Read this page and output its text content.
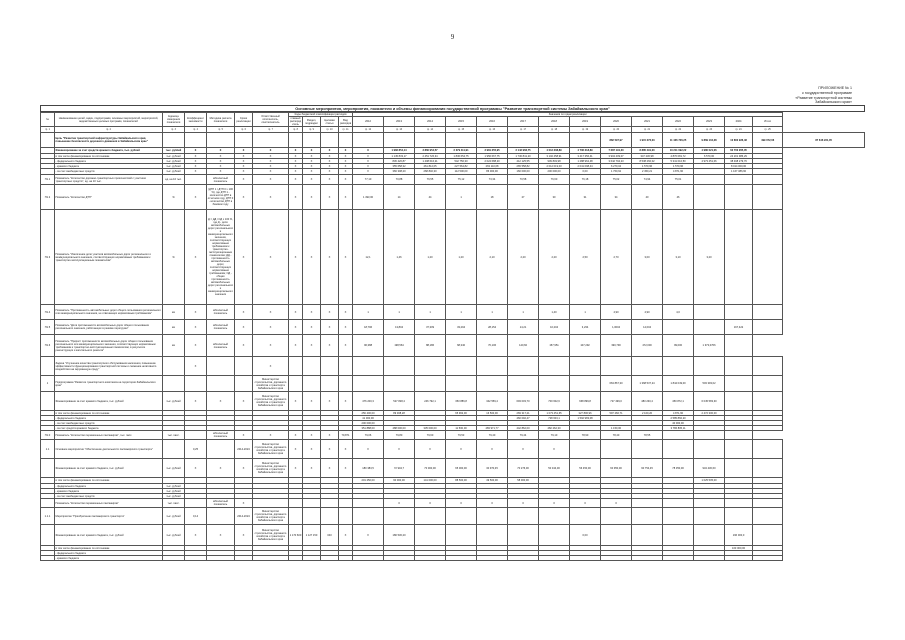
9
ПРИЛОЖЕНИЕ № 1
к государственной программе
«Развитие транспортной системы
Забайкальского края»
Основные мероприятия, мероприятия, показатели и объемы финансирования государственной программы "Развитие транспортной системы Забайкальского края"
№	Наименование целей, задач, подпрограмм, основных мероприятий, мероприятий, ведомственных целевых программ, показателей	Единица измерения показателя	Коэффициент значимости	Методика расчета показателя	Сроки реализации	Ответственный исполнитель, соисполнитель	Коды бюджетной классификации расходов				Значения по годам реализации														
							главный распорядитель	Раздел, подраздел	Целевая статья	Вид расходов	2012	2013	2014	2015	2016	2017	2018	2019	2020	2021	2022	2023	2024	Итого	
гр. 1	гр. 2	гр. 3	гр. 4	гр. 5	гр. 6	гр. 7	гр. 8	гр. 9	гр. 10	гр. 11	гр. 12	гр. 13	гр. 14	гр. 15	гр. 16	гр. 17	гр. 18	гр. 19	гр. 20	гр. 21	гр. 22	гр. 23	гр. 24	гр. 25	
	Цель "Развитие транспортной инфраструктуры Забайкальского края, повышение безопасности дорожного движения в Забайкальском крае"																		882 597,97	1 915 376,03	11 436 726,25	9 869 104,28	10 800 926,48	499 072,06	87 646 231,05
	Финансирование за счет средств краевого бюджета, тыс. рублей	тыс. рублей	Х	Х	Х	Х	Х	Х	Х	Х	Х	1 982 854,14	3 860 954,57	2 379 411,91	3 981 355,95	2 142 966,75	4 012 308,89	4 706 318,89	7 687 191,30	8 885 491,00	10 211 092,22	4 980 021,06	62 700 265,05		
	в том числе финансирование по источникам	тыс. рублей	Х	Х	Х	Х	Х	Х	Х	Х	Х	1 145 833,17	2 451 726,34	1 836 654,75	1 956 667,75	1 730 841,20	3 102 458,91	3 417 356,41	3 904 409,07	347 230,98	4 870 081,72	6 570,00	24 201 986,29		
	- федерального бюджета	тыс. рублей	Х	Х	Х	Х	Х	Х	Х	Х	Х	836 420,87	1 408 616,21	542 756,30	2 024 688,20	412 125,55	909 849,98	1 288 962,48	3 642 794,23	8 538 260,02	5 341 010,50	4 973 451,06	38 498 279,76		
	- краевого бюджета	тыс. рублей	Х	Х	Х	Х	Х	Х	Х	Х	Х	355 658,32	461 812,05	227 564,82	263 110,68	265 558,82	2 012 019,03	2 041 098,44	6 270,04	1 570,96	1 570,96		8 014 000,00		
	- за счет внебюджетных средств	тыс. рублей	Х	Х	Х	Х	Х	Х	Х	Х	Х	366 308,20	268 840,30	112 500,00	86 000,00	160 000,00	200 000,00	0,00	1 760,62	2 450,21	4 871,60		1 167 386,60		
П1.1	Показатель "Количество дорожно-транспортных происшествий с участием транспортных средств", ед. на 10 тыс.	ед. на 10 тыс.		абсолютный показатель	Х	Х	Х	Х	Х	Х	77,10	70,88	76,55	75,12	73,34	70,58	76,60	76,18	75,02	74,94	75,01				
П1.2	Показатель "Количество ДТП"	%	Х	(ДТП 1 / ДТП 0 х 100 %), где ДТП 1 - количество ДТП в отчетном году, ДТП 0 - количество ДТП в базовом году	Х	Х	Х	Х	Х	Х	1 493,00	14	44	1	18	27	30	31	34	40	46				
П1.3	Показатель "Увеличение доли участков автомобильных дорог регионального и межмуниципального значения, соответствующих нормативным требованиям к транспортно-эксплуатационным показателям"	%	Х	Д = ДД / ОД х 100 %, где Д - доля автомобильных дорог регионального и межмуниципального значения, соответствующих нормативным требованиям к транспортно-эксплуатационным показателям; ДД - протяженность автомобильных дорог, соответствующих нормативным требованиям; ОД - общая протяженность автомобильных дорог регионального и межмуниципального значения	Х	Х	Х	Х	Х	Х	12,1	1,46	1,20	1,20	2,10	2,20	2,20	2,50	2,70	3,00	3,10	3,20			
П1.4	Показатель "Протяженность автомобильных дорог общего пользования регионального или межмуниципального значения, не отвечающих нормативным требованиям"	км	Х	абсолютный показатель	Х	Х	Х	Х	Х	Х	1	1	1	1	1	1	1,40	1	4,90	4,90	4,0				
П1.5	Показатель "Доля протяженности автомобильных дорог общего пользования регионального значения, работающих в режиме перегрузки"	км	Х	абсолютный показатель	Х	Х	Х	Х	Х	Х	18,796	13,804	37,309	33,294	28,154	14,21	10,204	3,234	1,0004	14,004			167,422		
П1.6	Показатель "Прирост протяженности автомобильных дорог общего пользования регионального или межмуниципального значения, соответствующих нормативным требованиям к транспортно-эксплуатационным показателям, в результате реконструкции и капитального ремонта"	км	Х	абсолютный показатель	Х	Х	Х	Х	Х	Х	96,388	198,564	88,186	68,340	70,106	140,60	157,951	107,292	390,790	472,000	99,000	1 373,0706			
	Задача "Улучшение качества транспортного обслуживания населения, повышение эффективности функционирования транспортной системы и снижение негативного воздействия на окружающую среду"		Х			Х																			
1	Подпрограмма "Развитие транспортного комплекса на территории Забайкальского края"					Министерство строительства, дорожного хозяйства и транспорта Забайкальского края													663 867,30	1 368 537,24	1 844 049,00	503 393,02			
	Финансирование за счет краевого бюджета, тыс. рублей	тыс. рублей	Х	Х	Х	Министерство строительства, дорожного хозяйства и транспорта Забайкальского края	Х	Х	Х	Х	476 200,3	527 828,4	246 792,1	353 886,8	342 559,4	693 003,70	700 602,6	668 899,8	727 499,0	483 230,4	450 872,1	6 045 583,30			
	в том числе финансирование по источникам										256 400,00	89 308,28		65 962,00	16 500,00	269 317,21	1 073 451,65	327 806,96	597 266,71	2 100,20	4 871,60	2 472 300,00			
	- федерального бюджета										41 000,00					460 092,47	728 603,1	1 592 983,08			2 585 860,20				
	- за счет внебюджетных средств										200 000,00										40 000,00				
	- за счет средств краевого бюджета										351 888,00	488 000,00	335 000,00	11 500,00	483 971,77	442 862,00	482 262,30		1 150,00		3 786 805,11				
П1.0	Показатель "Количество перевезенных пассажиров", тыс. пасс.	тыс. пасс.		абсолютный показатель	Х	Х	Х	Х	Х	79,871	79,06	79,80	79,60	79,53	79,40	79,44	79,10	78,90	78,40	78,55					
1.1	Основное мероприятие "Обеспечение деятельности пассажирского транспорта"		0,25		2014-2024	Министерство строительства, дорожного хозяйства и транспорта Забайкальского края	Х	Х	Х	Х	Х	Х	Х	Х	Х	Х	Х								
	Финансирование за счет краевого бюджета, тыс. рублей	тыс. рублей	Х	Х	Х	Министерство строительства, дорожного хозяйства и транспорта Забайкальского края	Х	Х	Х	Х	180 383,5	72 904,7	70 000,00	65 000,00	30 970,45	70 276,00	50 344,00	56 450,00	60 950,00	90 754,45	78 350,00	943 430,60			
	в том числе финансирование по источникам										201 250,00	90 000,00	141 000,00	88 500,00	49 500,00	58 000,00						1 025 505,00			
	- федерального бюджета	тыс. рублей																							
	- краевого бюджета	тыс. рублей																							
	- за счет внебюджетных средств	тыс. рублей																							
	Показатель "Количество перевезенных пассажиров"	тыс. пасс.		абсолютный показатель	Х							0	0	0	0	0	0	0	0						
1.1.1	Мероприятие "Приобретение пассажирского транспорта"	тыс. рублей	0,14		2014-2024	Министерство строительства, дорожного хозяйства и транспорта Забайкальского края																			
	Финансирование за счет краевого бюджета, тыс. рублей	тыс. рублей	Х	Х	Х	Министерство строительства, дорожного хозяйства и транспорта Забайкальского края	1 170 600	1 127 150	040	Х	Х	180 530,20						0,00					196 000,0		
	в том числе финансирование по источникам																						163 000,00		
	- федерального бюджета																								
	- краевого бюджета																								
